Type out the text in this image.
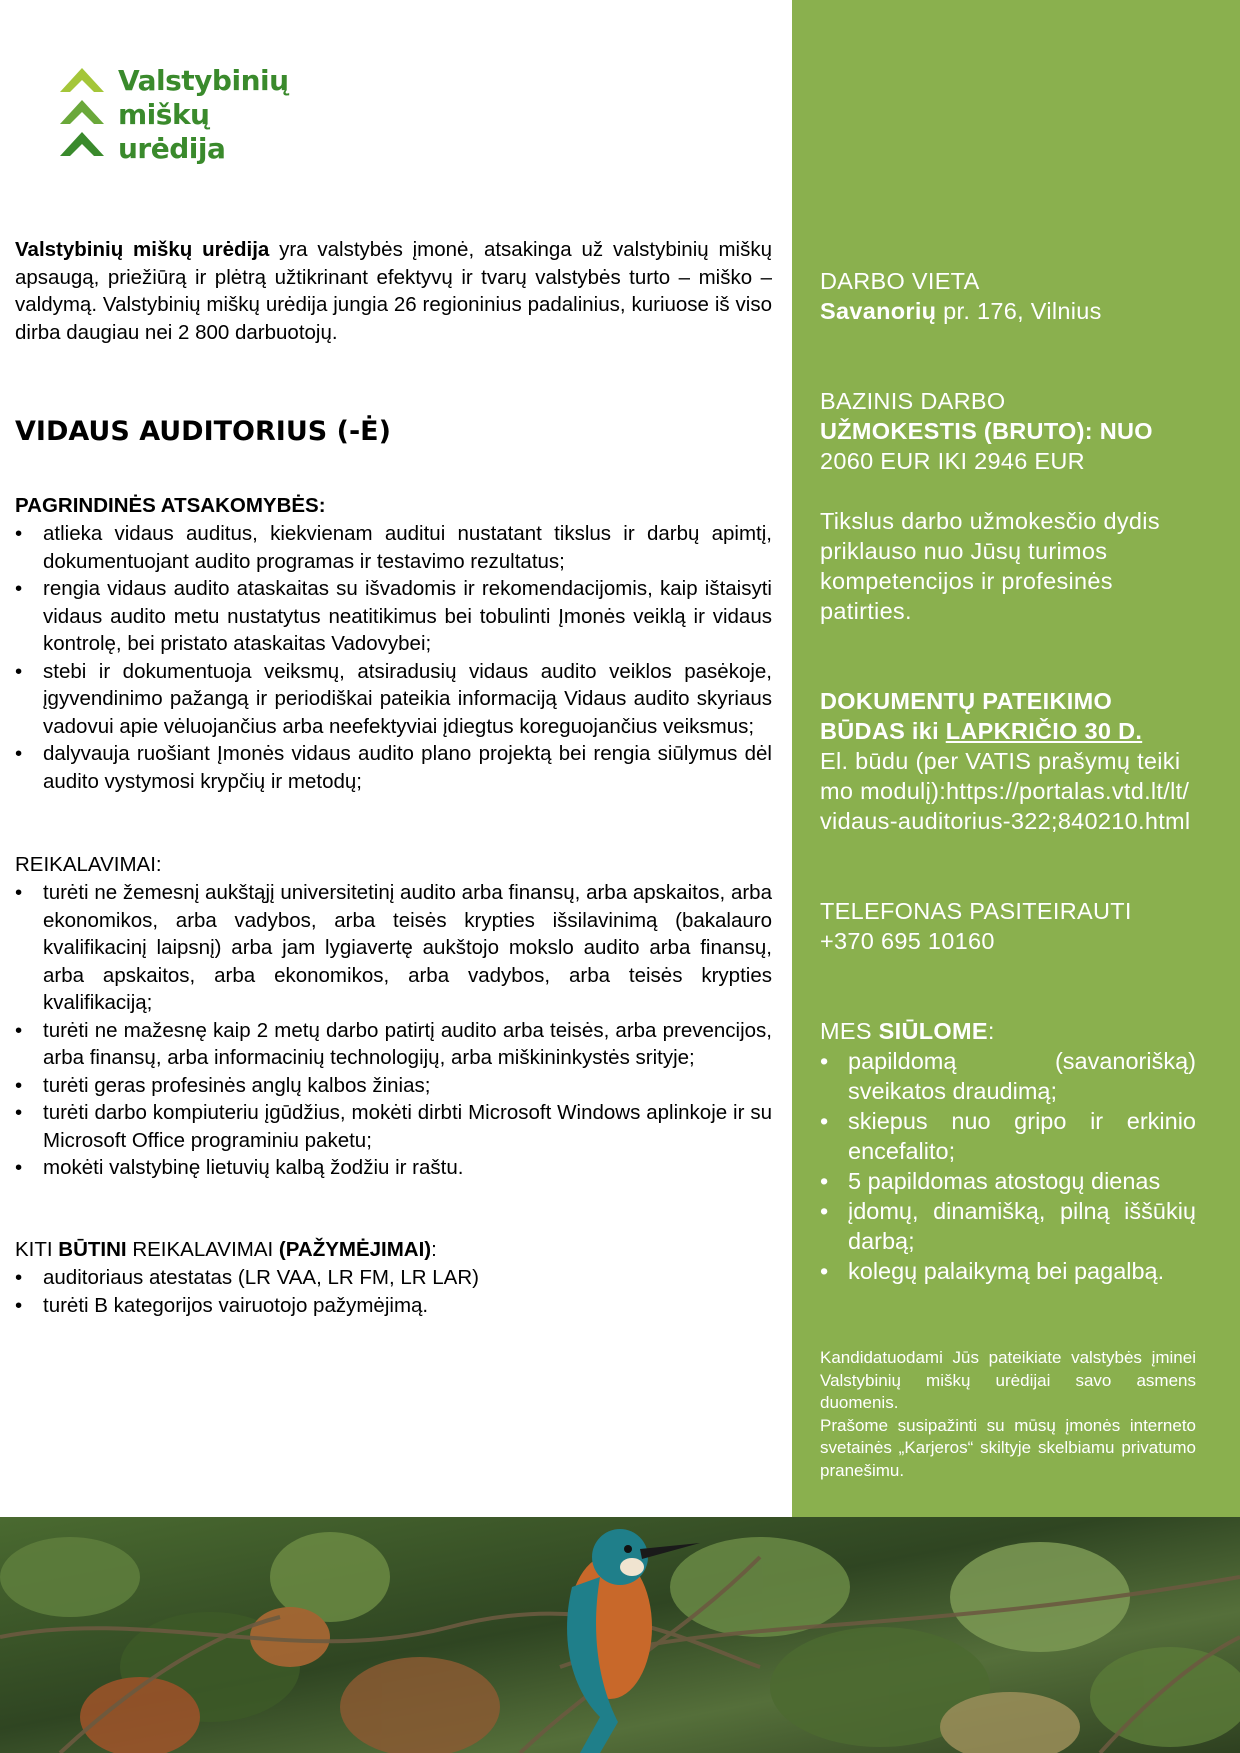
Valstybinių
miškų
urėdija
Valstybinių miškų urėdija yra valstybės įmonė, atsakinga už valstybinių miškų apsaugą, priežiūrą ir plėtrą užtikrinant efektyvų ir tvarų valstybės turto – miško – valdymą. Valstybinių miškų urėdija jungia 26 regioninius padalinius, kuriuose iš viso dirba daugiau nei 2 800 darbuotojų.
VIDAUS AUDITORIUS (-Ė)
PAGRINDINĖS ATSAKOMYBĖS:
• atlieka vidaus auditus, kiekvienam auditui nustatant tikslus ir darbų apimtį, dokumentuojant audito programas ir testavimo rezultatus;
• rengia vidaus audito ataskaitas su išvadomis ir rekomendacijomis, kaip ištaisyti vidaus audito metu nustatytus neatitikimus bei tobulinti Įmonės veiklą ir vidaus kontrolę, bei pristato ataskaitas Vadovybei;
• stebi ir dokumentuoja veiksmų, atsiradusių vidaus audito veiklos pasėkoje, įgyvendinimo pažangą ir periodiškai pateikia informaciją Vidaus audito skyriaus vadovui apie vėluojančius arba neefektyviai įdiegtus koreguojančius veiksmus;
• dalyvauja ruošiant Įmonės vidaus audito plano projektą bei rengia siūlymus dėl audito vystymosi krypčių ir metodų;
REIKALAVIMAI:
• turėti ne žemesnį aukštąjį universitetinį audito arba finansų, arba apskaitos, arba ekonomikos, arba vadybos, arba teisės krypties išsilavinimą (bakalauro kvalifikacinį laipsnį) arba jam lygiavertę aukštojo mokslo audito arba finansų, arba apskaitos, arba ekonomikos, arba vadybos, arba teisės krypties kvalifikaciją;
• turėti ne mažesnę kaip 2 metų darbo patirtį audito arba teisės, arba prevencijos, arba finansų, arba informacinių technologijų, arba miškininkystės srityje;
• turėti geras profesinės anglų kalbos žinias;
• turėti darbo kompiuteriu įgūdžius, mokėti dirbti Microsoft Windows aplinkoje ir su Microsoft Office programiniu paketu;
• mokėti valstybinę lietuvių kalbą žodžiu ir raštu.
KITI BŪTINI REIKALAVIMAI (PAŽYMĖJIMAI):
• auditoriaus atestatas (LR VAA, LR FM, LR LAR)
• turėti B kategorijos vairuotojo pažymėjimą.
DARBO VIETA
Savanorių pr. 176, Vilnius
BAZINIS DARBO
UŽMOKESTIS (BRUTO): NUO
2060 EUR IKI 2946 EUR
Tikslus darbo užmokesčio dydis priklauso nuo Jūsų turimos kompetencijos ir profesinės patirties.
DOKUMENTŲ PATEIKIMO
BŪDAS iki LAPKRIČIO 30 D.
El. būdu (per VATIS prašymų teikimo modulį):https://portalas.vtd.lt/lt/vidaus-auditorius-322;840210.html
TELEFONAS PASITEIRAUTI
+370 695 10160
MES SIŪLOME:
• papildomą (savanorišką) sveikatos draudimą;
• skiepus nuo gripo ir erkinio encefalito;
• 5 papildomas atostogų dienas
• įdomų, dinamišką, pilną iššūkių darbą;
• kolegų palaikymą bei pagalbą.
Kandidatuodami Jūs pateikiate valstybės įminei Valstybinių miškų urėdijai savo asmens duomenis.
Prašome susipažinti su mūsų įmonės interneto svetainės „Karjeros“ skiltyje skelbiamu privatumo pranešimu.
